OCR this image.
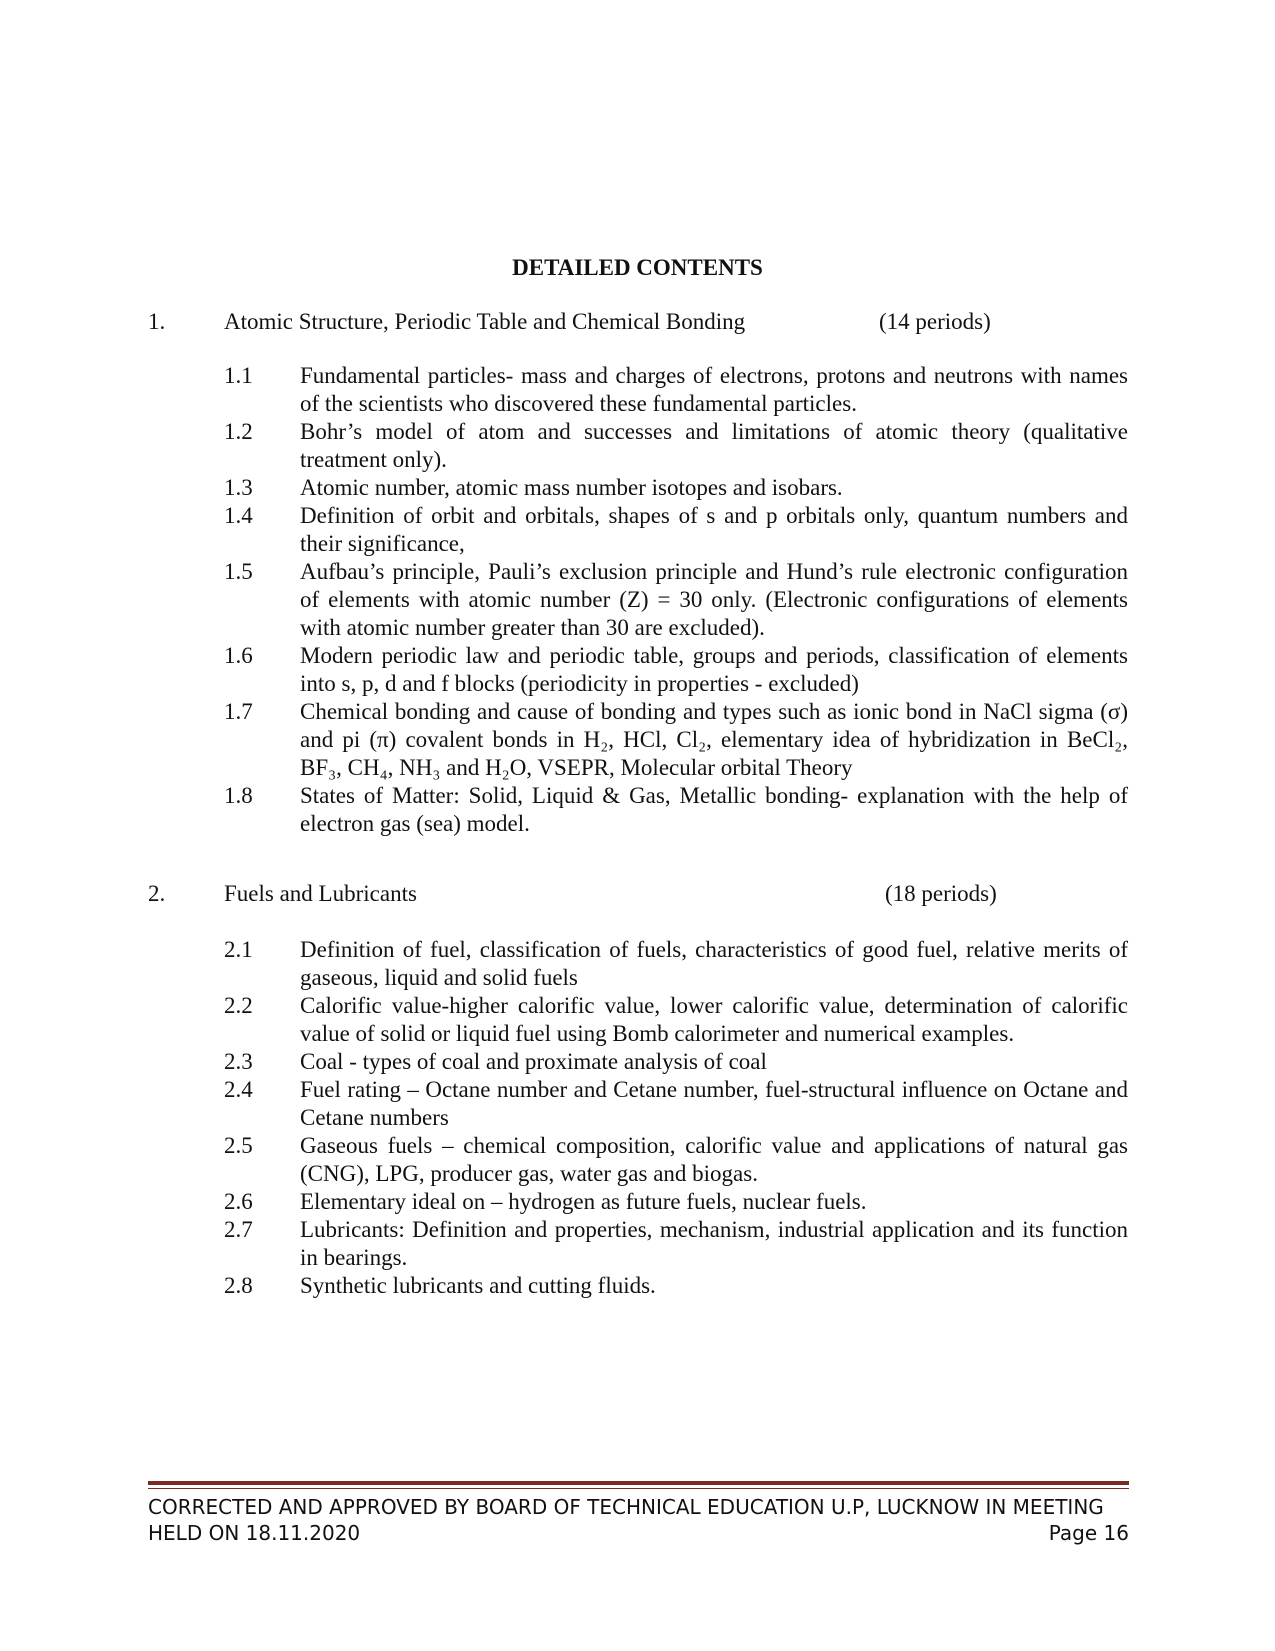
DETAILED CONTENTS
1.	Atomic Structure, Periodic Table and Chemical Bonding	(14 periods)
1.1 Fundamental particles- mass and charges of electrons, protons and neutrons with names of the scientists who discovered these fundamental particles.
1.2 Bohr’s model of atom and successes and limitations of atomic theory (qualitative treatment only).
1.3 Atomic number, atomic mass number isotopes and isobars.
1.4 Definition of orbit and orbitals, shapes of s and p orbitals only, quantum numbers and their significance,
1.5 Aufbau’s principle, Pauli’s exclusion principle and Hund’s rule electronic configuration of elements with atomic number (Z) = 30 only. (Electronic configurations of elements with atomic number greater than 30 are excluded).
1.6 Modern periodic law and periodic table, groups and periods, classification of elements into s, p, d and f blocks (periodicity in properties - excluded)
1.7 Chemical bonding and cause of bonding and types such as ionic bond in NaCl sigma (σ) and pi (π) covalent bonds in H₂, HCl, Cl₂, elementary idea of hybridization in BeCl₂, BF₃, CH₄, NH₃ and H₂O, VSEPR, Molecular orbital Theory
1.8 States of Matter: Solid, Liquid & Gas, Metallic bonding- explanation with the help of electron gas (sea) model.
2.	Fuels and Lubricants	(18 periods)
2.1 Definition of fuel, classification of fuels, characteristics of good fuel, relative merits of gaseous, liquid and solid fuels
2.2 Calorific value-higher calorific value, lower calorific value, determination of calorific value of solid or liquid fuel using Bomb calorimeter and numerical examples.
2.3 Coal - types of coal and proximate analysis of coal
2.4 Fuel rating – Octane number and Cetane number, fuel-structural influence on Octane and Cetane numbers
2.5 Gaseous fuels – chemical composition, calorific value and applications of natural gas (CNG), LPG, producer gas, water gas and biogas.
2.6 Elementary ideal on – hydrogen as future fuels, nuclear fuels.
2.7 Lubricants: Definition and properties, mechanism, industrial application and its function in bearings.
2.8 Synthetic lubricants and cutting fluids.
CORRECTED AND APPROVED BY BOARD OF TECHNICAL EDUCATION U.P, LUCKNOW IN MEETING
HELD ON 18.11.2020	Page 16
